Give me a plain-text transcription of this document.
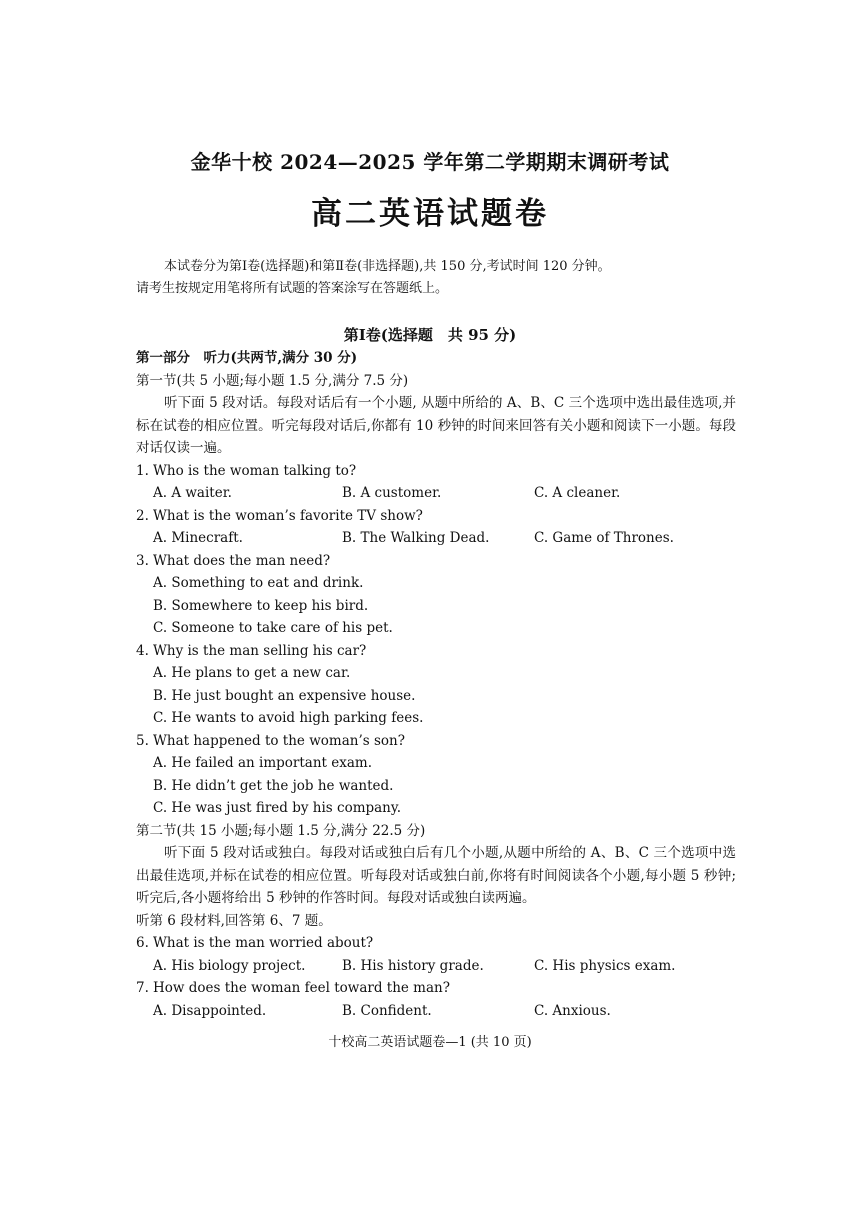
金华十校 2024—2025 学年第二学期期末调研考试
高二英语试题卷

本试卷分为第Ⅰ卷(选择题)和第Ⅱ卷(非选择题),共 150 分,考试时间 120 分钟。

请考生按规定用笔将所有试题的答案涂写在答题纸上。

第Ⅰ卷(选择题　共 95 分)
第一部分　听力(共两节,满分 30 分)
第一节(共 5 小题;每小题 1.5 分,满分 7.5 分)
听下面 5 段对话。每段对话后有一个小题, 从题中所给的 A、B、C 三个选项中选出最佳选项,并标在试卷的相应位置。听完每段对话后,你都有 10 秒钟的时间来回答有关小题和阅读下一小题。每段对话仅读一遍。
1. Who is the woman talking to?
A. A waiter.	B. A customer.	C. A cleaner.
2. What is the woman’s favorite TV show?
A. Minecraft.	B. The Walking Dead.	C. Game of Thrones.
3. What does the man need?
A. Something to eat and drink.
B. Somewhere to keep his bird.
C. Someone to take care of his pet.
4. Why is the man selling his car?
A. He plans to get a new car.
B. He just bought an expensive house.
C. He wants to avoid high parking fees.
5. What happened to the woman’s son?
A. He failed an important exam.
B. He didn’t get the job he wanted.
C. He was just fired by his company.
第二节(共 15 小题;每小题 1.5 分,满分 22.5 分)
听下面 5 段对话或独白。每段对话或独白后有几个小题,从题中所给的 A、B、C 三个选项中选出最佳选项,并标在试卷的相应位置。听每段对话或独白前,你将有时间阅读各个小题,每小题 5 秒钟;听完后,各小题将给出 5 秒钟的作答时间。每段对话或独白读两遍。
听第 6 段材料,回答第 6、7 题。
6. What is the man worried about?
A. His biology project.	B. His history grade.	C. His physics exam.
7. How does the woman feel toward the man?
A. Disappointed.	B. Confident.	C. Anxious.
十校高二英语试题卷—1 (共 10 页)
